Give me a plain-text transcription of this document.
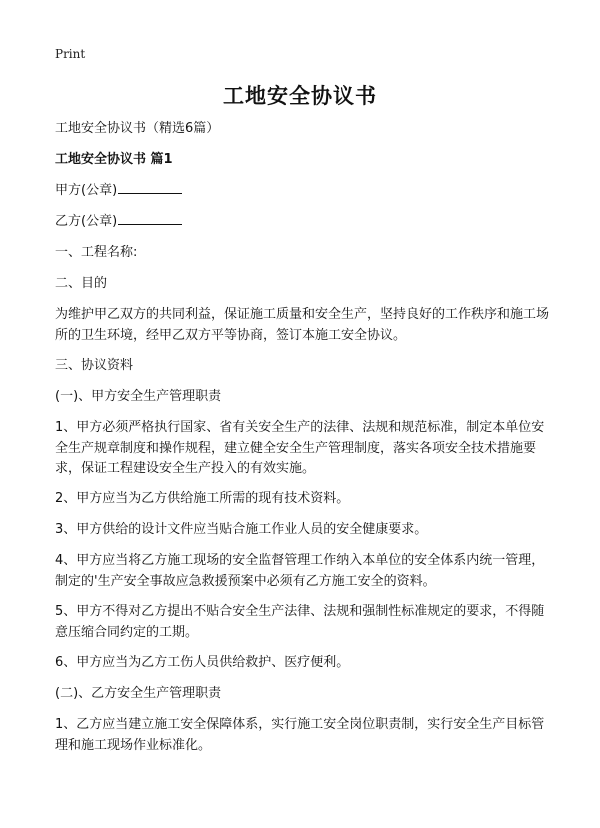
Print
工地安全协议书
工地安全协议书（精选6篇）
工地安全协议书 篇1
甲方(公章)
乙方(公章)
一、工程名称:
二、目的
为维护甲乙双方的共同利益，保证施工质量和安全生产，坚持良好的工作秩序和施工场所的卫生环境，经甲乙双方平等协商，签订本施工安全协议。
三、协议资料
(一)、甲方安全生产管理职责
1、甲方必须严格执行国家、省有关安全生产的法律、法规和规范标准，制定本单位安全生产规章制度和操作规程，建立健全安全生产管理制度，落实各项安全技术措施要求，保证工程建设安全生产投入的有效实施。
2、甲方应当为乙方供给施工所需的现有技术资料。
3、甲方供给的设计文件应当贴合施工作业人员的安全健康要求。
4、甲方应当将乙方施工现场的安全监督管理工作纳入本单位的安全体系内统一管理，制定的'生产安全事故应急救援预案中必须有乙方施工安全的资料。
5、甲方不得对乙方提出不贴合安全生产法律、法规和强制性标准规定的要求，不得随意压缩合同约定的工期。
6、甲方应当为乙方工伤人员供给救护、医疗便利。
(二)、乙方安全生产管理职责
1、乙方应当建立施工安全保障体系，实行施工安全岗位职责制，实行安全生产目标管理和施工现场作业标准化。
